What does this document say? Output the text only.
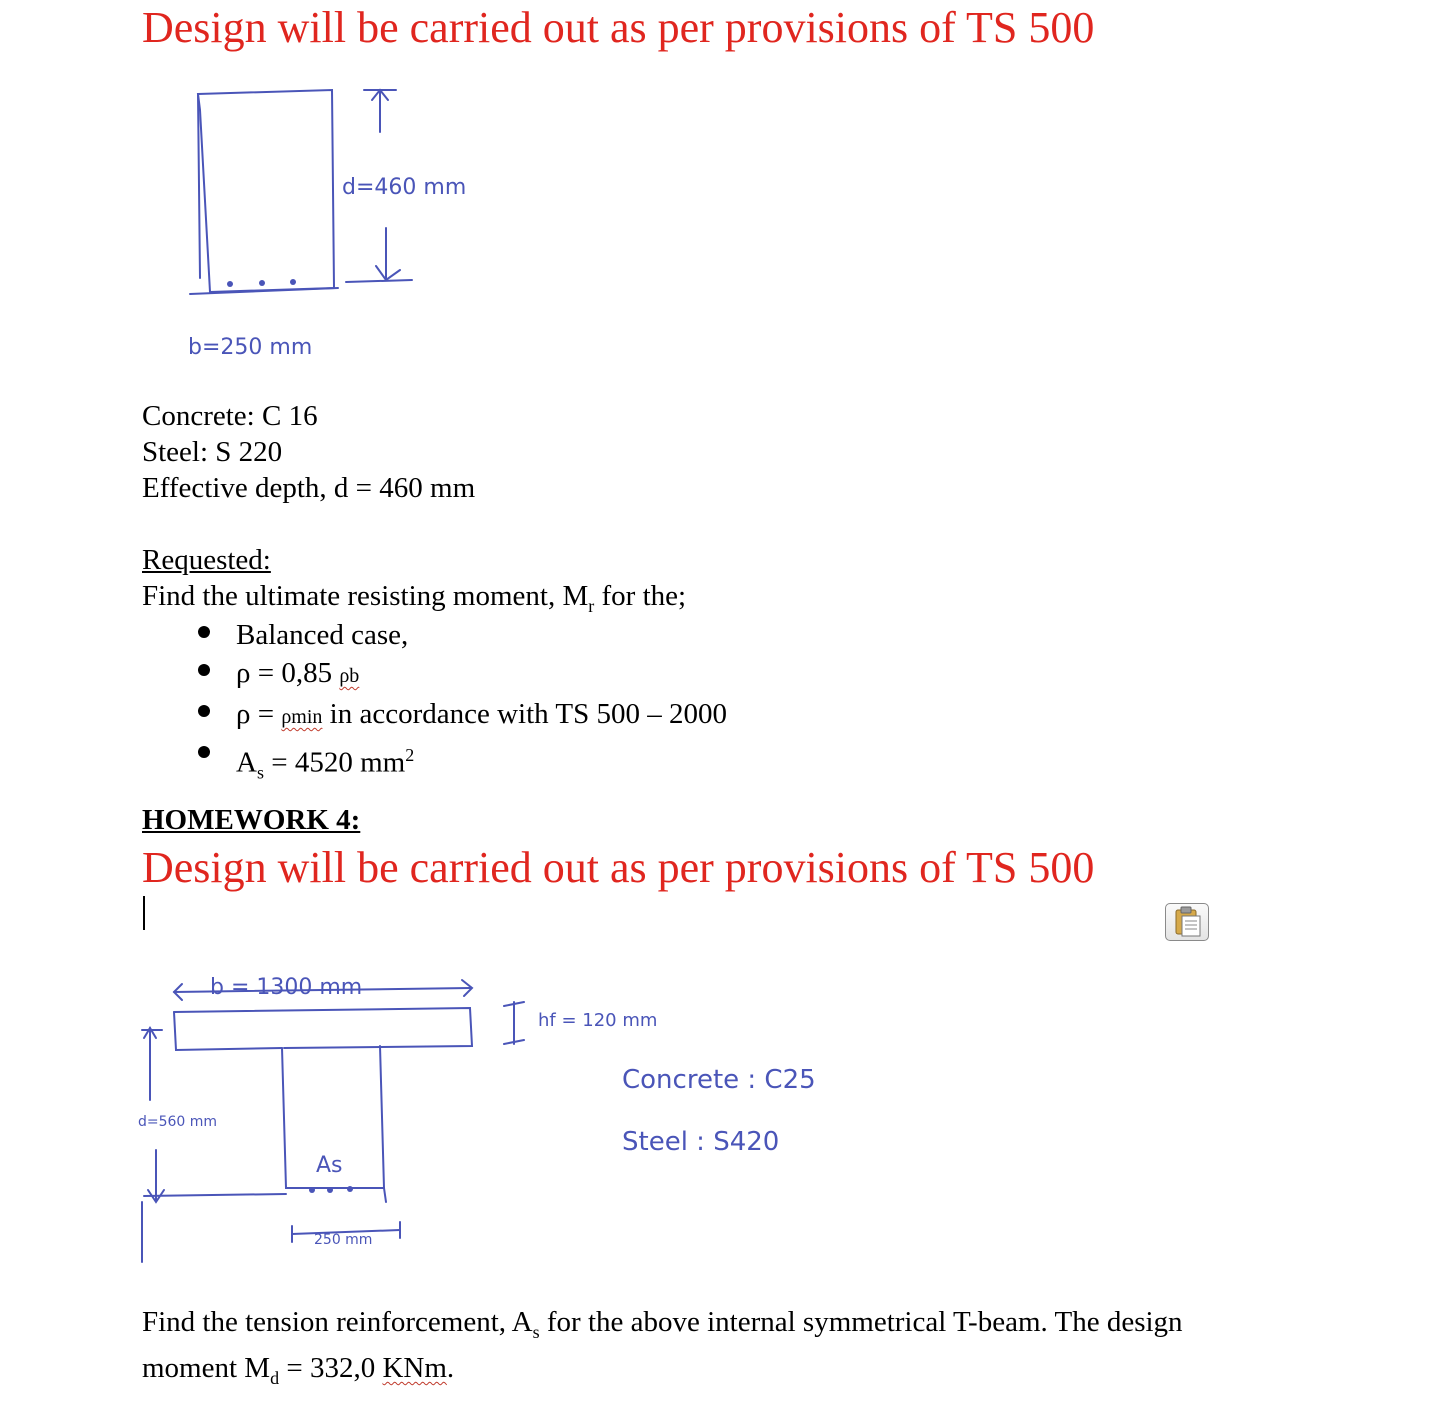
Design will be carried out as per provisions of TS 500
d=460 mm
b=250 mm
Concrete: C 16
Steel: S 220
Effective depth, d = 460 mm
Requested:
Find the ultimate resisting moment, $M_r$ for the;
Balanced case,
ρ = 0,85 ρb
ρ = ρmin in accordance with TS 500 – 2000
$A_s = 4520$ $mm^2$
HOMEWORK 4:
Design will be carried out as per provisions of TS 500
b = 1300 mm
hf = 120 mm
d=560 mm
As
250 mm
Concrete : C25
Steel : S420
Find the tension reinforcement, $A_s$ for the above internal symmetrical T-beam. The design
moment $M_d = 332,0$ KNm.
